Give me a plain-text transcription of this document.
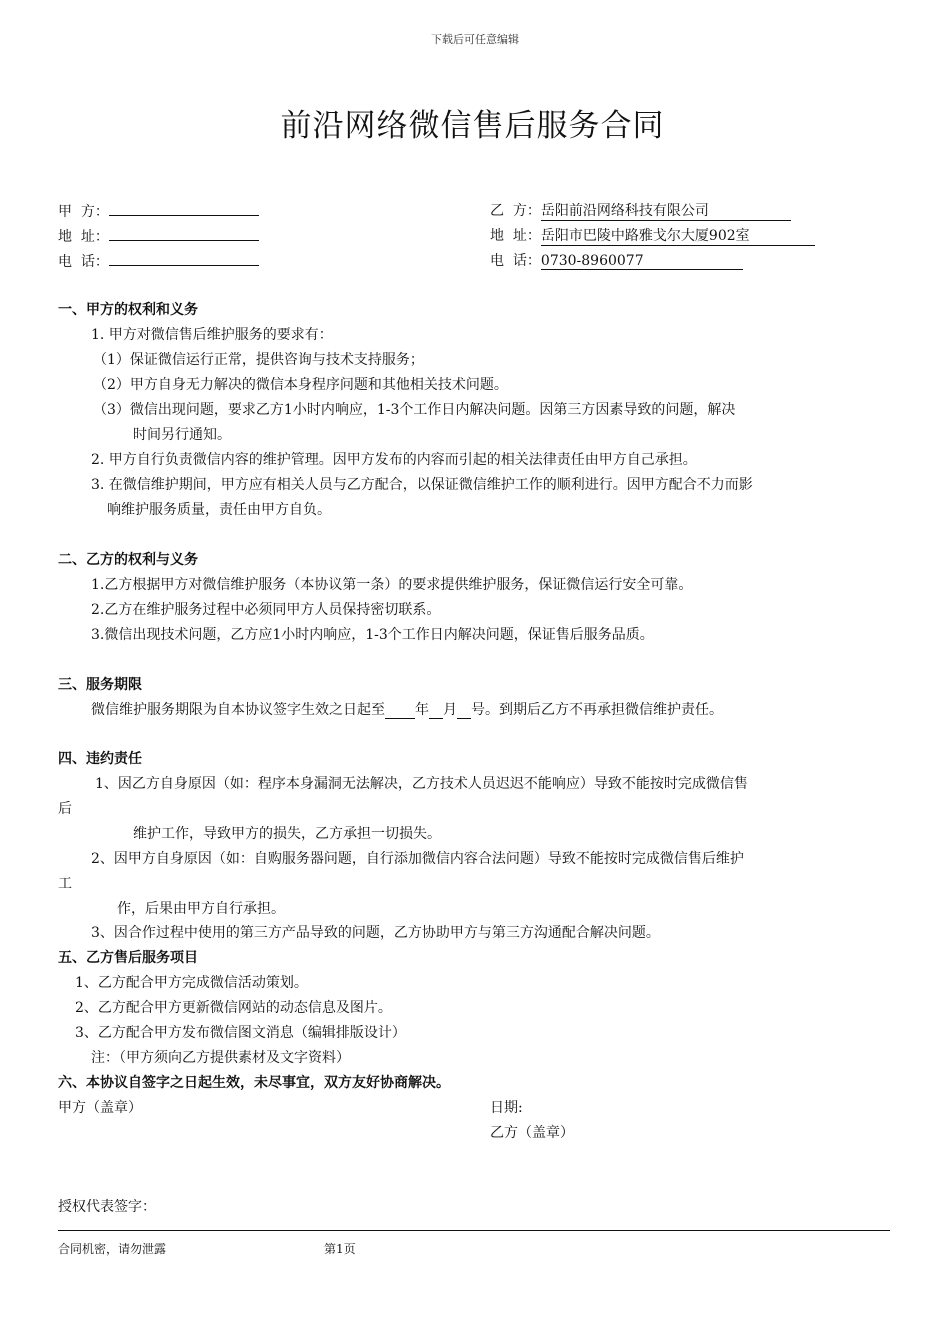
下载后可任意编辑
前沿网络微信售后服务合同
甲  方：
地  址：
电  话：
乙  方：岳阳前沿网络科技有限公司
地  址：岳阳市巴陵中路雅戈尔大厦902室
电  话：0730-8960077
一、甲方的权利和义务
1. 甲方对微信售后维护服务的要求有：
（1）保证微信运行正常，提供咨询与技术支持服务；
（2）甲方自身无力解决的微信本身程序问题和其他相关技术问题。
（3）微信出现问题，要求乙方1小时内响应，1-3个工作日内解决问题。因第三方因素导致的问题，解决
时间另行通知。
2. 甲方自行负责微信内容的维护管理。因甲方发布的内容而引起的相关法律责任由甲方自己承担。
3. 在微信维护期间，甲方应有相关人员与乙方配合，以保证微信维护工作的顺利进行。因甲方配合不力而影
响维护服务质量，责任由甲方自负。
二、乙方的权利与义务
1.乙方根据甲方对微信维护服务（本协议第一条）的要求提供维护服务，保证微信运行安全可靠。
2.乙方在维护服务过程中必须同甲方人员保持密切联系。
3.微信出现技术问题，乙方应1小时内响应，1-3个工作日内解决问题，保证售后服务品质。
三、服务期限
微信维护服务期限为自本协议签字生效之日起至 年 月 号。到期后乙方不再承担微信维护责任。
四、违约责任
1、因乙方自身原因（如：程序本身漏洞无法解决，乙方技术人员迟迟不能响应）导致不能按时完成微信售
后
维护工作，导致甲方的损失，乙方承担一切损失。
2、因甲方自身原因（如：自购服务器问题，自行添加微信内容合法问题）导致不能按时完成微信售后维护
工
作，后果由甲方自行承担。
3、因合作过程中使用的第三方产品导致的问题，乙方协助甲方与第三方沟通配合解决问题。
五、乙方售后服务项目
1、乙方配合甲方完成微信活动策划。
2、乙方配合甲方更新微信网站的动态信息及图片。
3、乙方配合甲方发布微信图文消息（编辑排版设计）
注：（甲方须向乙方提供素材及文字资料）
六、本协议自签字之日起生效，未尽事宜，双方友好协商解决。
甲方（盖章）	日期:
乙方（盖章）
授权代表签字：
合同机密，请勿泄露	第1页
